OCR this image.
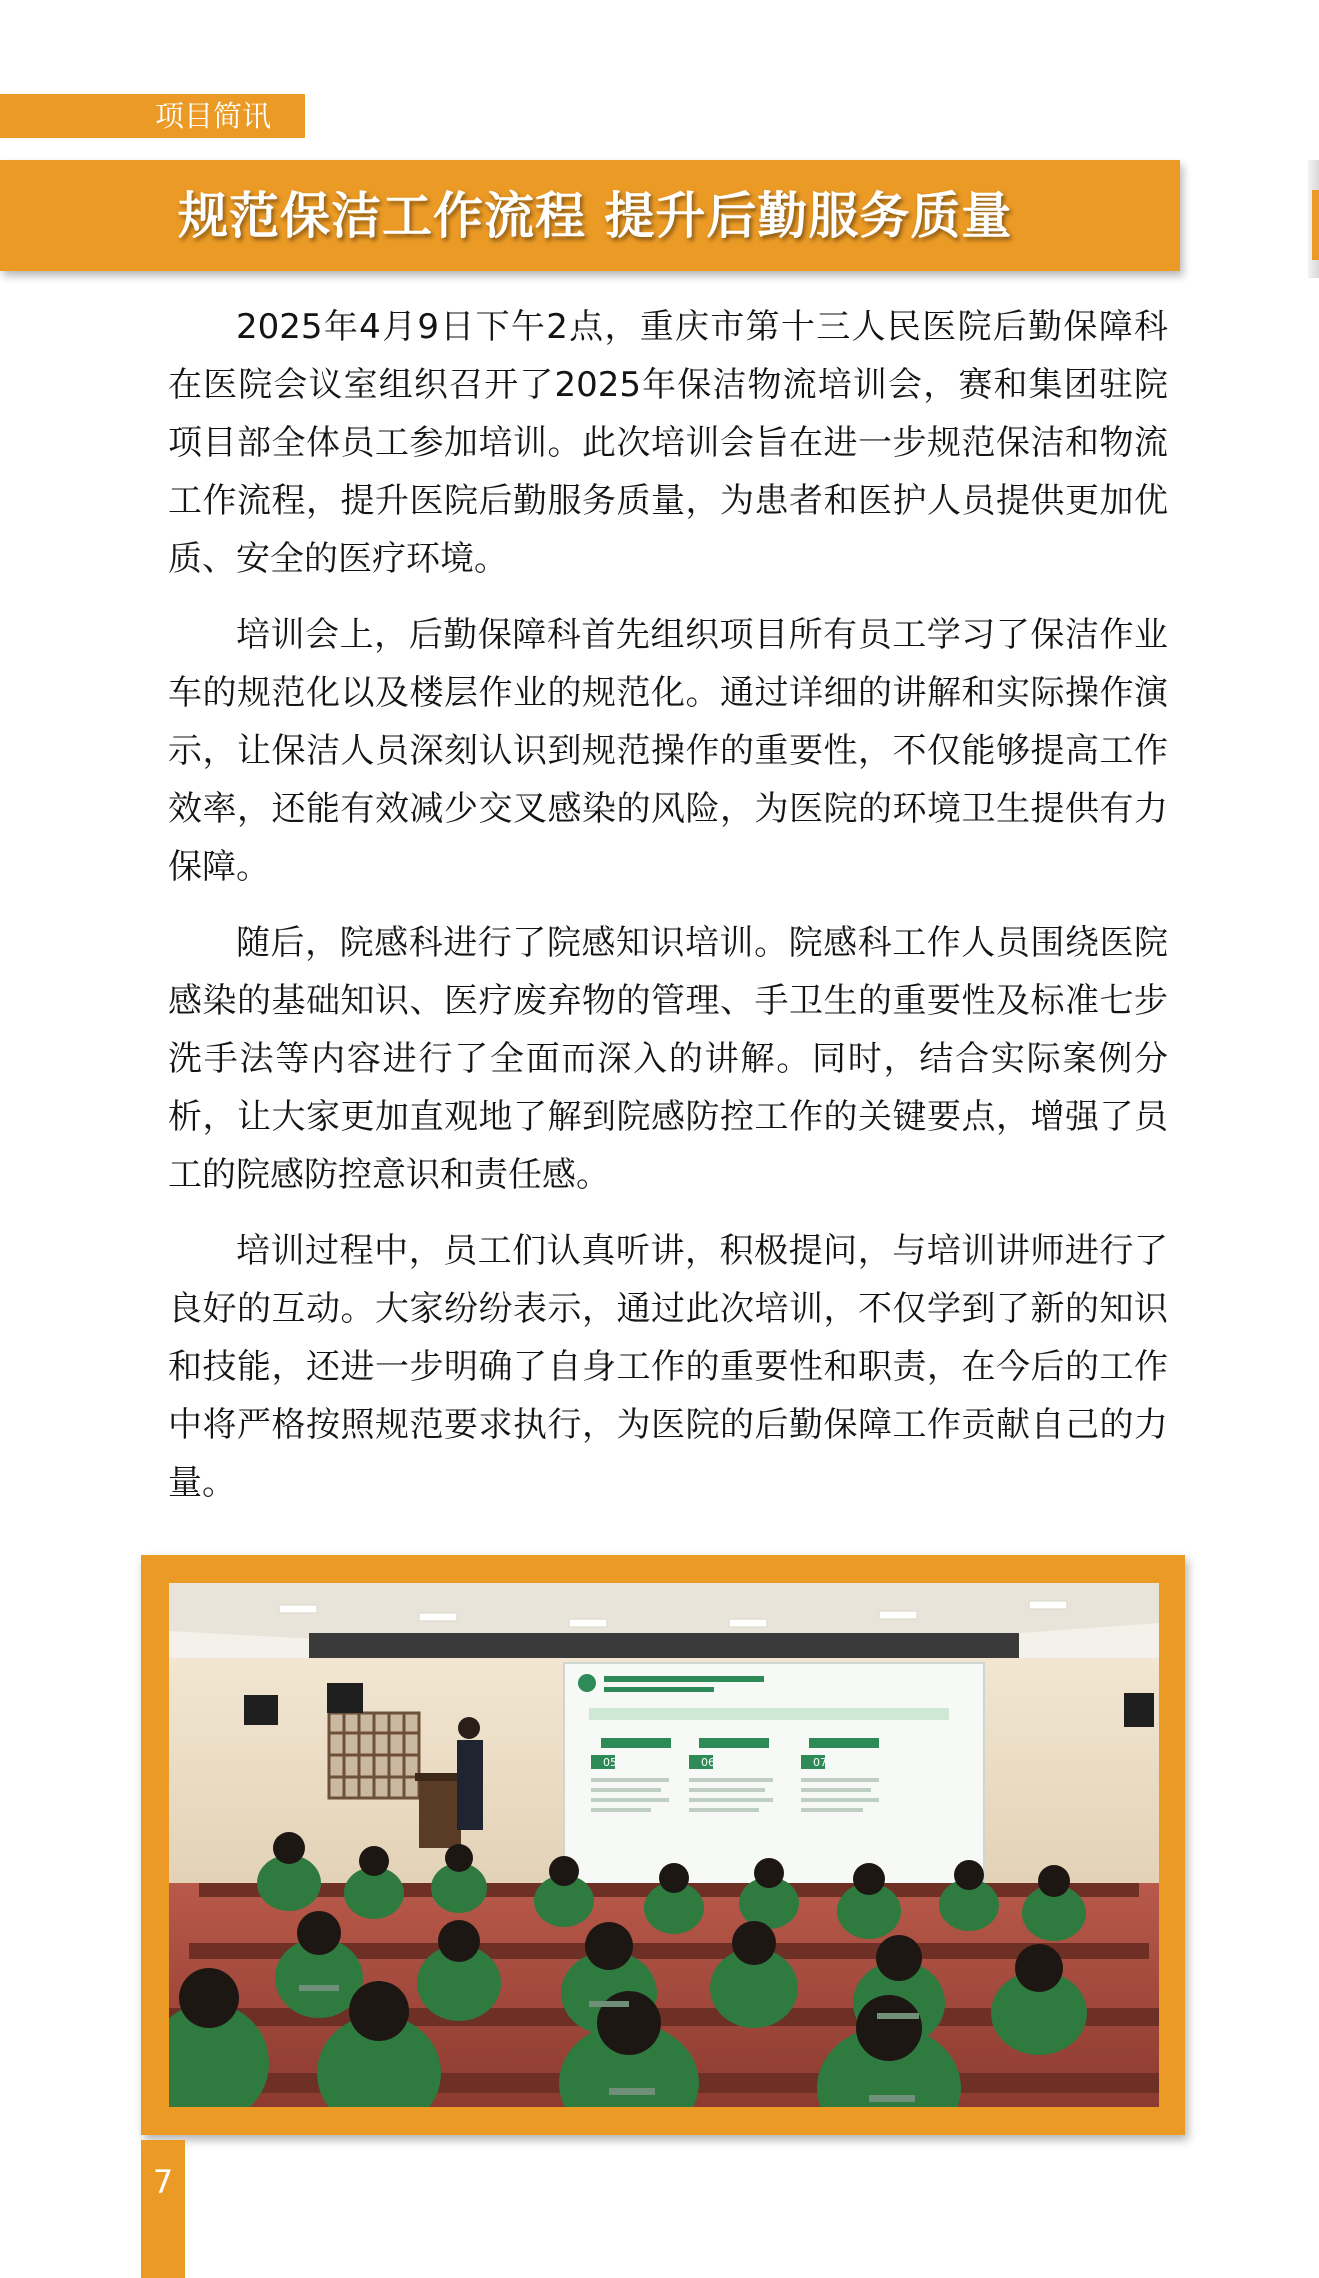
项目简讯
规范保洁工作流程 提升后勤服务质量

2025年4月9日下午2点，重庆市第十三人民医院后勤保障科在医院会议室组织召开了2025年保洁物流培训会，赛和集团驻院项目部全体员工参加培训。此次培训会旨在进一步规范保洁和物流工作流程，提升医院后勤服务质量，为患者和医护人员提供更加优质、安全的医疗环境。

培训会上，后勤保障科首先组织项目所有员工学习了保洁作业车的规范化以及楼层作业的规范化。通过详细的讲解和实际操作演示，让保洁人员深刻认识到规范操作的重要性，不仅能够提高工作效率，还能有效减少交叉感染的风险，为医院的环境卫生提供有力保障。

随后，院感科进行了院感知识培训。院感科工作人员围绕医院感染的基础知识、医疗废弃物的管理、手卫生的重要性及标准七步洗手法等内容进行了全面而深入的讲解。同时，结合实际案例分析，让大家更加直观地了解到院感防控工作的关键要点，增强了员工的院感防控意识和责任感。

培训过程中，员工们认真听讲，积极提问，与培训讲师进行了良好的互动。大家纷纷表示，通过此次培训，不仅学到了新的知识和技能，还进一步明确了自身工作的重要性和职责，在今后的工作中将严格按照规范要求执行，为医院的后勤保障工作贡献自己的力量。

05	06	07
7
